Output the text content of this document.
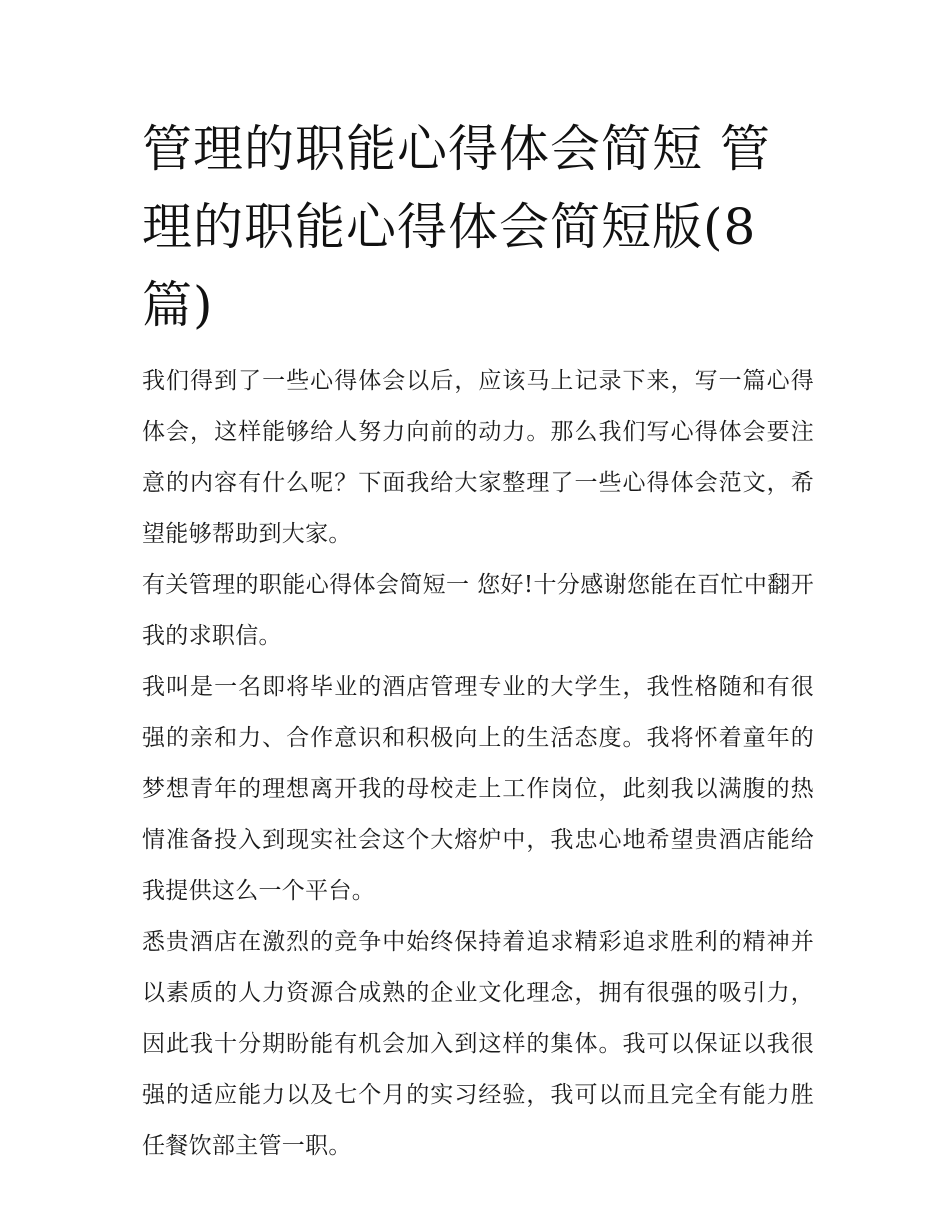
管理的职能心得体会简短 管理的职能心得体会简短版(8 篇)

我们得到了一些心得体会以后，应该马上记录下来，写一篇心得体会，这样能够给人努力向前的动力。那么我们写心得体会要注意的内容有什么呢？下面我给大家整理了一些心得体会范文，希望能够帮助到大家。

有关管理的职能心得体会简短一 您好!十分感谢您能在百忙中翻开我的求职信。

我叫是一名即将毕业的酒店管理专业的大学生，我性格随和有很强的亲和力、合作意识和积极向上的生活态度。我将怀着童年的梦想青年的理想离开我的母校走上工作岗位，此刻我以满腹的热情准备投入到现实社会这个大熔炉中，我忠心地希望贵酒店能给我提供这么一个平台。

悉贵酒店在激烈的竞争中始终保持着追求精彩追求胜利的精神并以素质的人力资源合成熟的企业文化理念，拥有很强的吸引力，因此我十分期盼能有机会加入到这样的集体。我可以保证以我很强的适应能力以及七个月的实习经验，我可以而且完全有能力胜任餐饮部主管一职。
